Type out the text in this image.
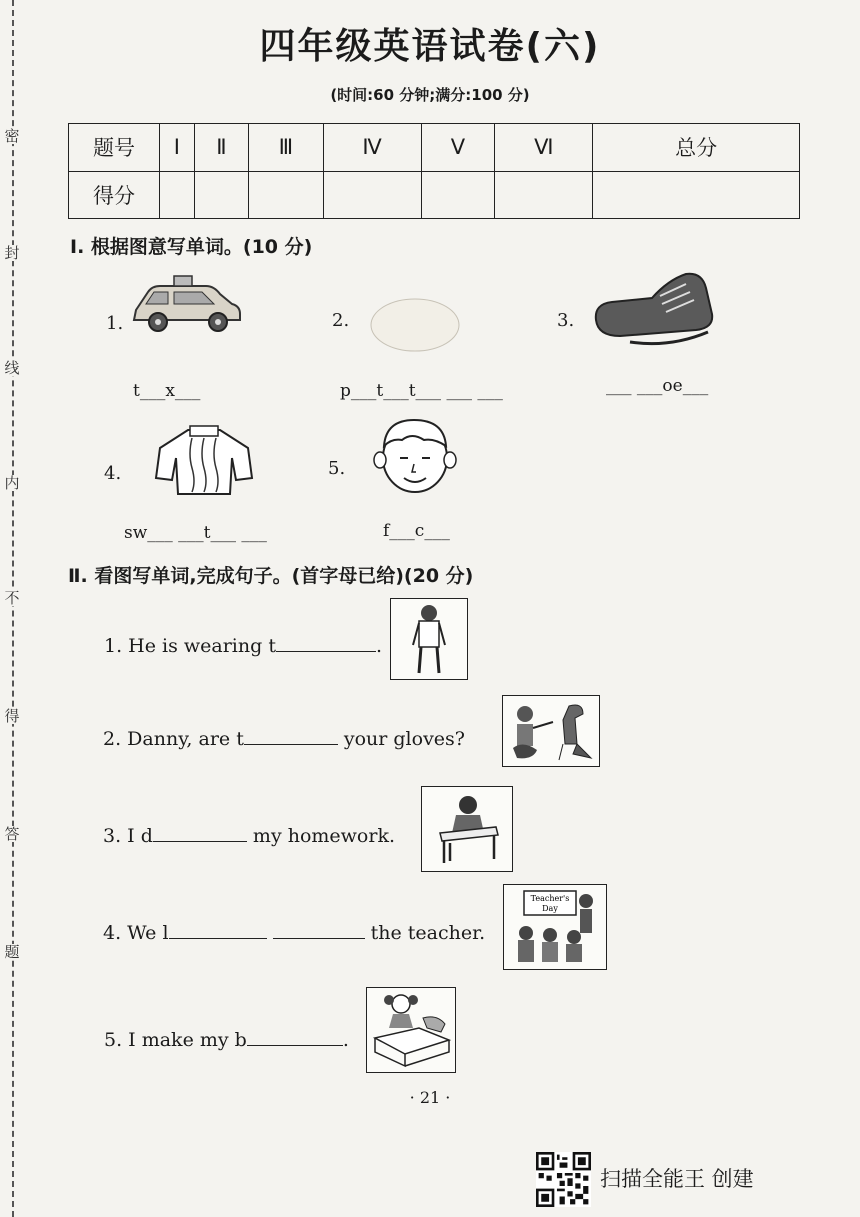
密
封
线
内
不
得
答
题
四年级英语试卷(六)
(时间:60 分钟;满分:100 分)
题号	Ⅰ	Ⅱ	Ⅲ	Ⅳ	Ⅴ	Ⅵ	总分
得分							
Ⅰ. 根据图意写单词。(10 分)
1.
t___x___
2.
p___t___t___ ___ ___
3.
___ ___oe___
4.
sw___ ___t___ ___
5.
f___c___
Ⅱ. 看图写单词,完成句子。(首字母已给)(20 分)
1. He is wearing t	.
2. Danny, are t	your gloves?
3. I d	my homework.
4. We l	the teacher.
Teacher's
Day
5. I make my b	.
· 21 ·
扫描全能王 创建
